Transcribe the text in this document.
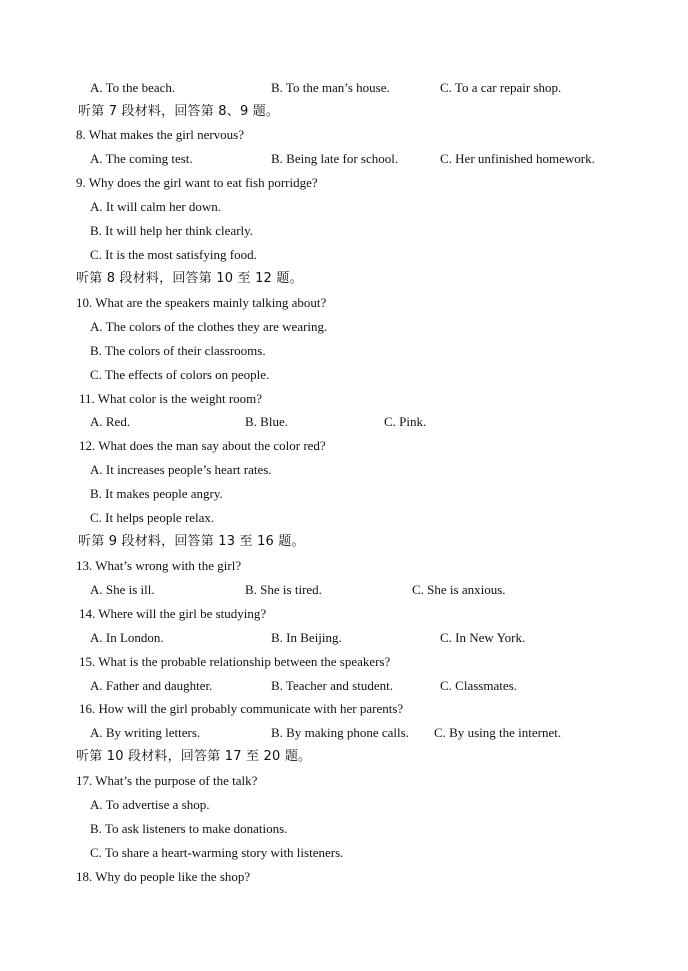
A. To the beach.	B. To the man’s house.	C. To a car repair shop.
听第 7 段材料，回答第 8、9 题。
8. What makes the girl nervous?
A. The coming test.	B. Being late for school.	C. Her unfinished homework.
9. Why does the girl want to eat fish porridge?
A. It will calm her down.
B. It will help her think clearly.
C. It is the most satisfying food.
听第 8 段材料，回答第 10 至 12 题。
10. What are the speakers mainly talking about?
A. The colors of the clothes they are wearing.
B. The colors of their classrooms.
C. The effects of colors on people.
11. What color is the weight room?
A. Red.	B. Blue.	C. Pink.
12. What does the man say about the color red?
A. It increases people’s heart rates.
B. It makes people angry.
C. It helps people relax.
听第 9 段材料，回答第 13 至 16 题。
13. What’s wrong with the girl?
A. She is ill.	B. She is tired.	C. She is anxious.
14. Where will the girl be studying?
A. In London.	B. In Beijing.	C. In New York.
15. What is the probable relationship between the speakers?
A. Father and daughter.	B. Teacher and student.	C. Classmates.
16. How will the girl probably communicate with her parents?
A. By writing letters.	B. By making phone calls. C. By using the internet.
听第 10 段材料，回答第 17 至 20 题。
17. What’s the purpose of the talk?
A. To advertise a shop.
B. To ask listeners to make donations.
C. To share a heart-warming story with listeners.
18. Why do people like the shop?
